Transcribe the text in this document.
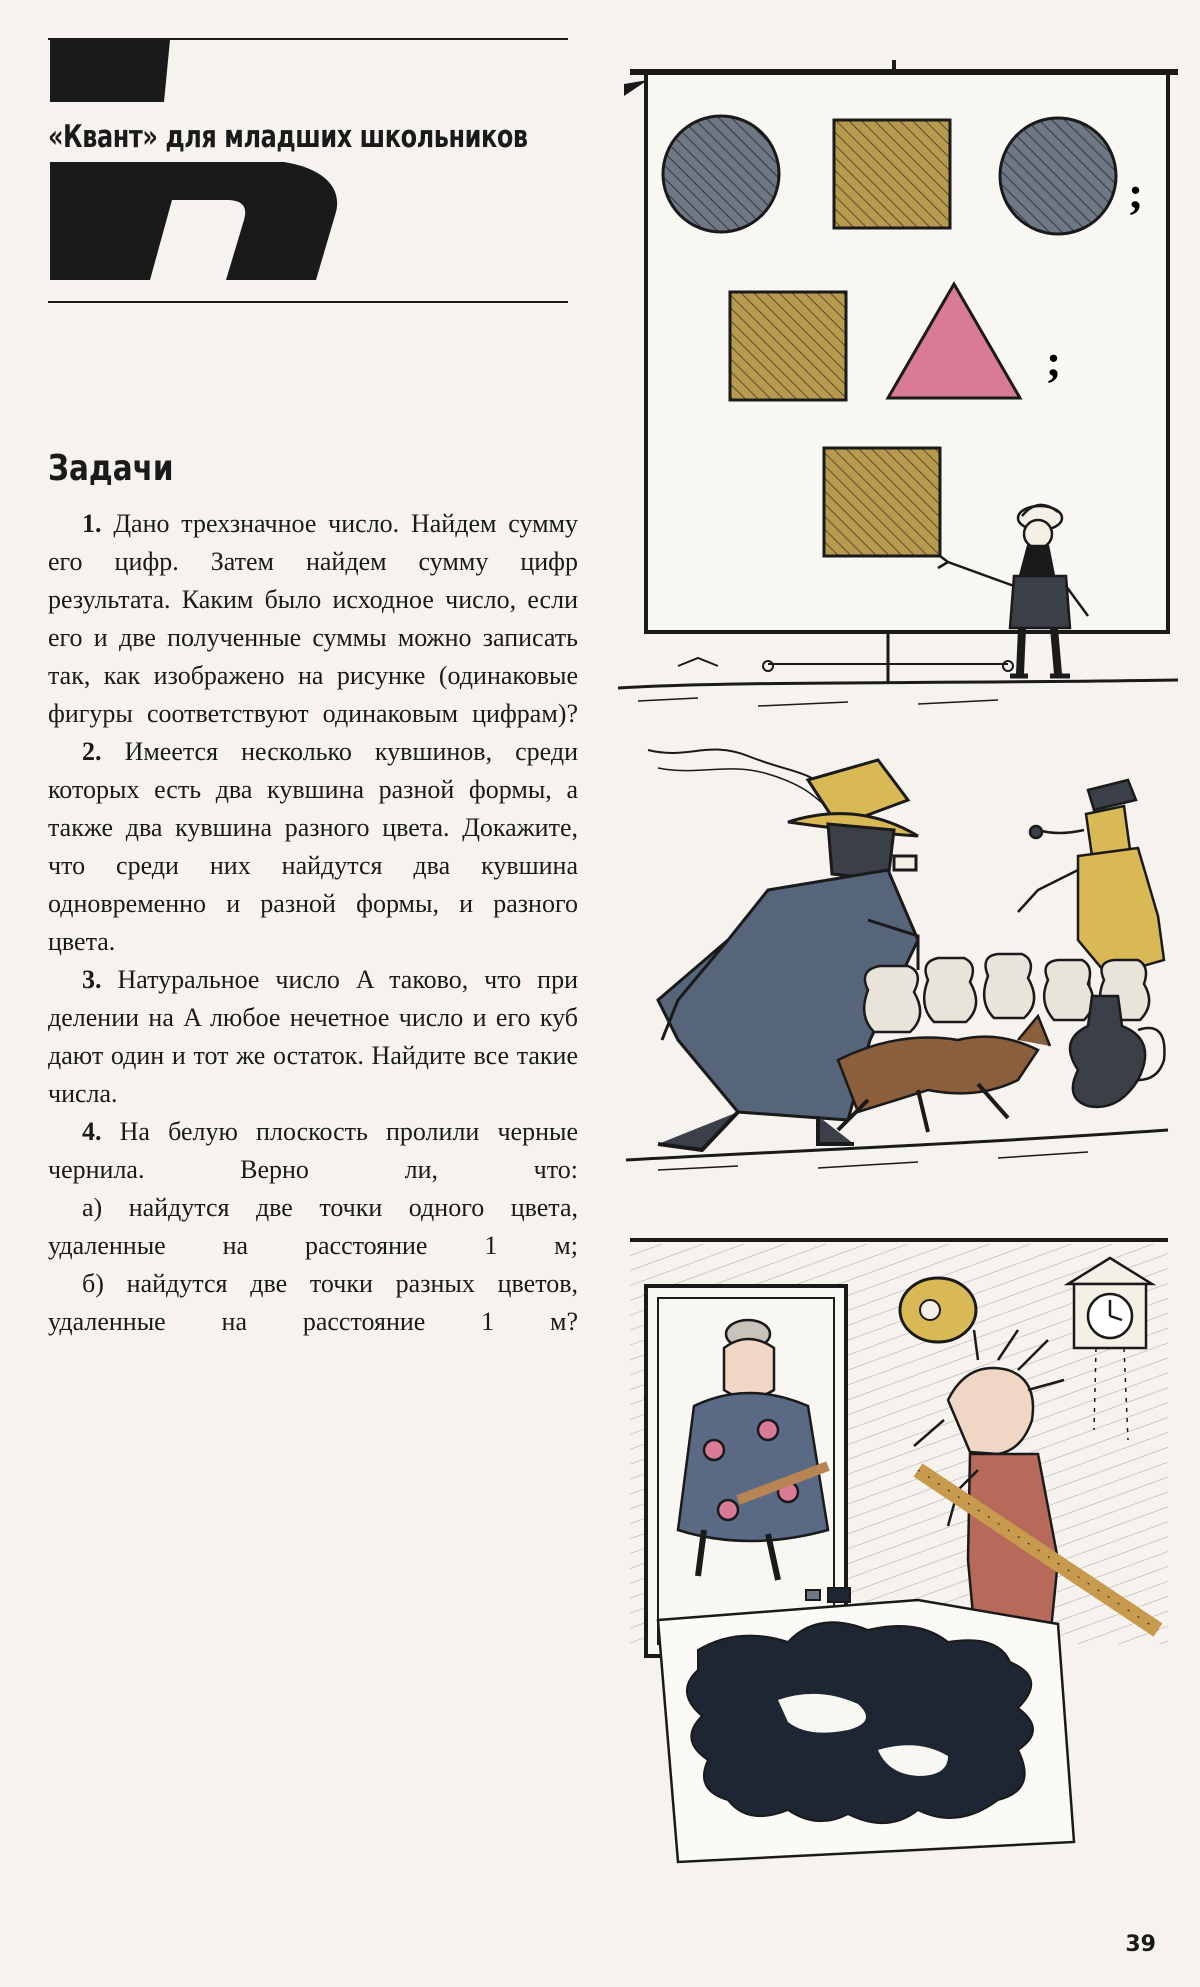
«Квант» для младших школьников
Задачи

1. Дано трехзначное число. Найдем сумму его цифр. Затем найдем сумму цифр результата. Каким было исходное число, если его и две полученные суммы можно записать так, как изображено на рисунке (одинаковые фигуры соответствуют одинаковым цифрам)?

2. Имеется несколько кувшинов, среди которых есть два кувшина разной формы, а также два кувшина разного цвета. Докажите, что среди них найдутся два кувшина одновременно и разной формы, и разного цвета.

3. Натуральное число A таково, что при делении на A любое нечетное число и его куб дают один и тот же остаток. Найдите все такие числа.

4. На белую плоскость пролили черные чернила. Верно ли, что:

а) найдутся две точки одного цвета, удаленные на расстояние 1 м;

б) найдутся две точки разных цветов, удаленные на расстояние 1 м?

;
;
39
